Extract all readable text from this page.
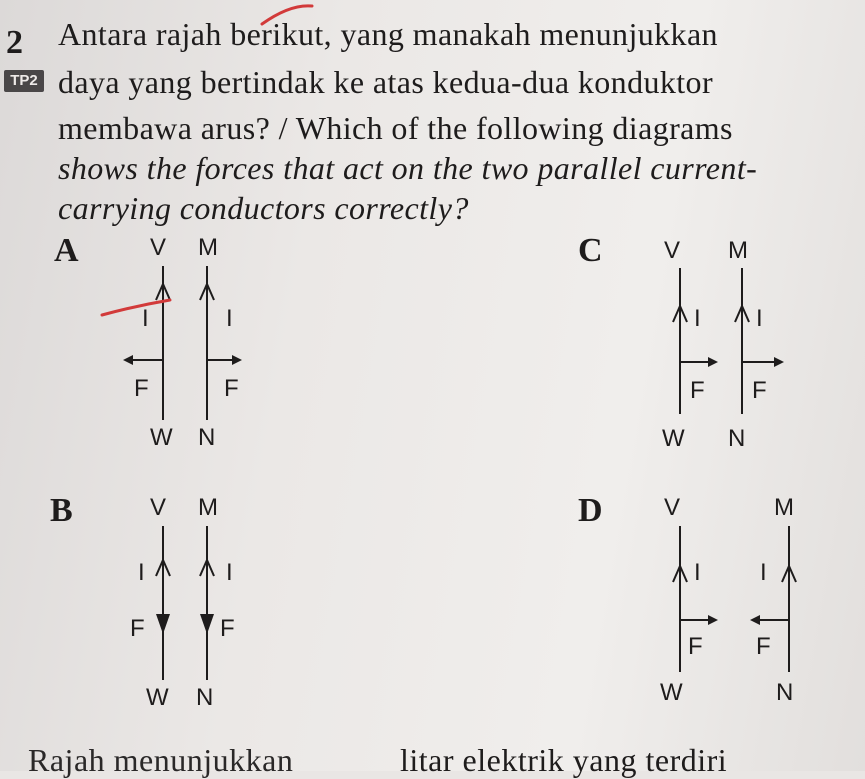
2
TP2
Antara rajah berikut, yang manakah menunjukkan
daya yang bertindak ke atas kedua-dua konduktor
membawa arus? / Which of the following diagrams
shows the forces that act on the two parallel current-
carrying conductors correctly?
A
B
C
D
V M
W N
I	I
F	F
V M
W N
I	I
F	F
V M
W N
I I
F F
V	M
W	N
I I
F F
Rajah menunjukkan	litar elektrik yang terdiri
